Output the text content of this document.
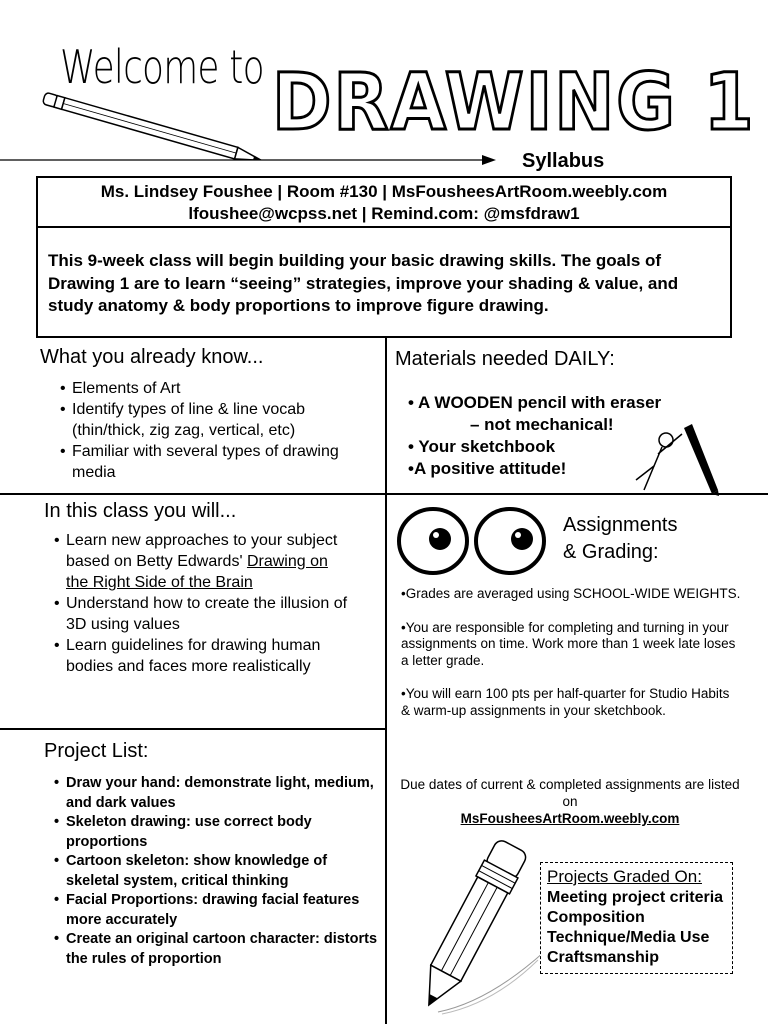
Welcome to DRAWING 1
Syllabus
Ms. Lindsey Foushee | Room #130 | MsFousheesArtRoom.weebly.com
lfoushee@wcpss.net | Remind.com: @msfdraw1
This 9-week class will begin building your basic drawing skills. The goals of Drawing 1 are to learn “seeing” strategies, improve your shading & value, and study anatomy & body proportions to improve figure drawing.
What you already know...
• Elements of Art
• Identify types of line & line vocab (thin/thick, zig zag, vertical, etc)
• Familiar with several types of drawing media
Materials needed DAILY:
• A WOODEN pencil with eraser
– not mechanical!
• Your sketchbook
•A positive attitude!
In this class you will...
• Learn new approaches to your subject based on Betty Edwards' Drawing on the Right Side of the Brain
• Understand how to create the illusion of 3D using values
• Learn guidelines for drawing human bodies and faces more realistically
Assignments
& Grading:

•Grades are averaged using SCHOOL-WIDE WEIGHTS.

•You are responsible for completing and turning in your assignments on time. Work more than 1 week late loses a letter grade.

•You will earn 100 pts per half-quarter for Studio Habits & warm-up assignments in your sketchbook.

Due dates of current & completed assignments are listed on
MsFousheesArtRoom.weebly.com
Project List:
• Draw your hand: demonstrate light, medium, and dark values
• Skeleton drawing: use correct body proportions
• Cartoon skeleton: show knowledge of skeletal system, critical thinking
• Facial Proportions: drawing facial features more accurately
• Create an original cartoon character: distorts the rules of proportion
Projects Graded On:
Meeting project criteria
Composition
Technique/Media Use
Craftsmanship
